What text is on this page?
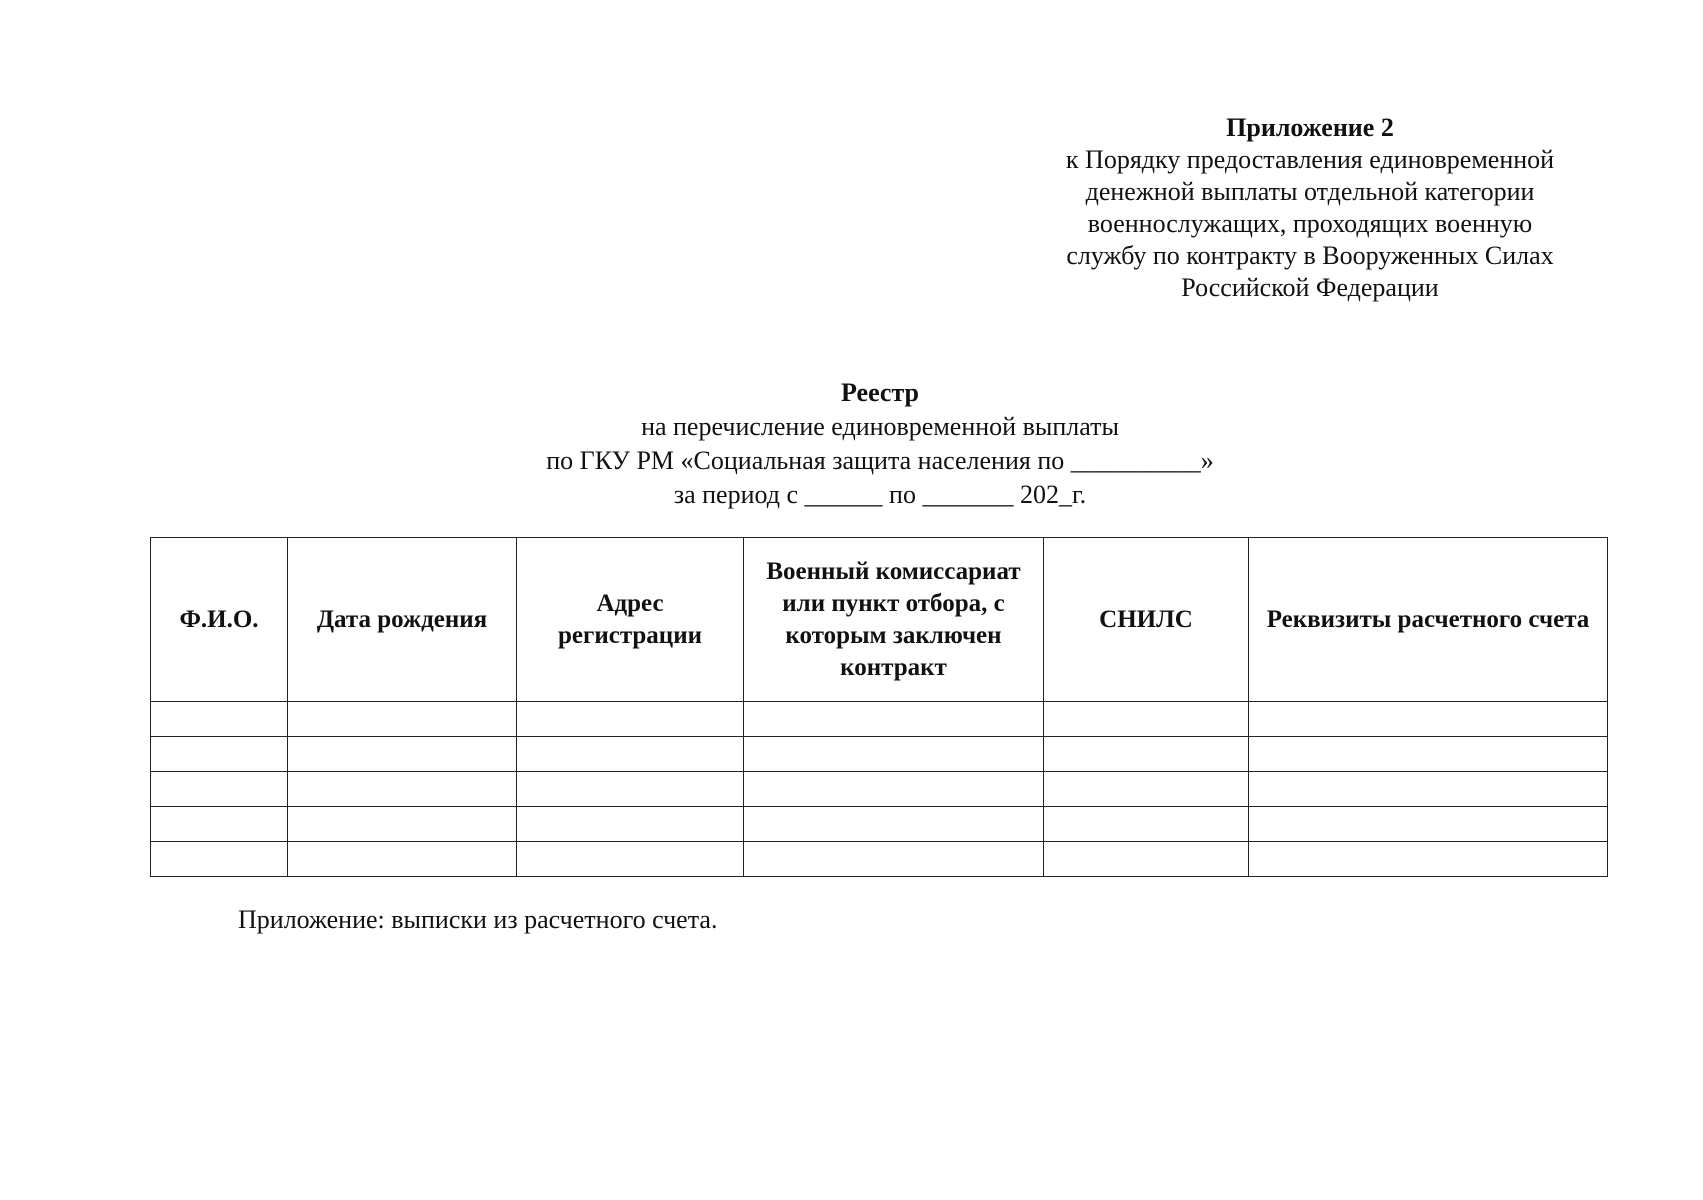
Приложение 2
к Порядку предоставления единовременной
денежной выплаты отдельной категории
военнослужащих, проходящих военную
службу по контракту в Вооруженных Силах
Российской Федерации
Реестр
на перечисление единовременной выплаты
по ГКУ РМ «Социальная защита населения по __________»
за период с ______ по _______ 202_г.
Ф.И.О.	Дата рождения	Адрес регистрации	Военный комиссариат или пункт отбора, с которым заключен контракт	СНИЛС	Реквизиты расчетного счета

Приложение: выписки из расчетного счета.
